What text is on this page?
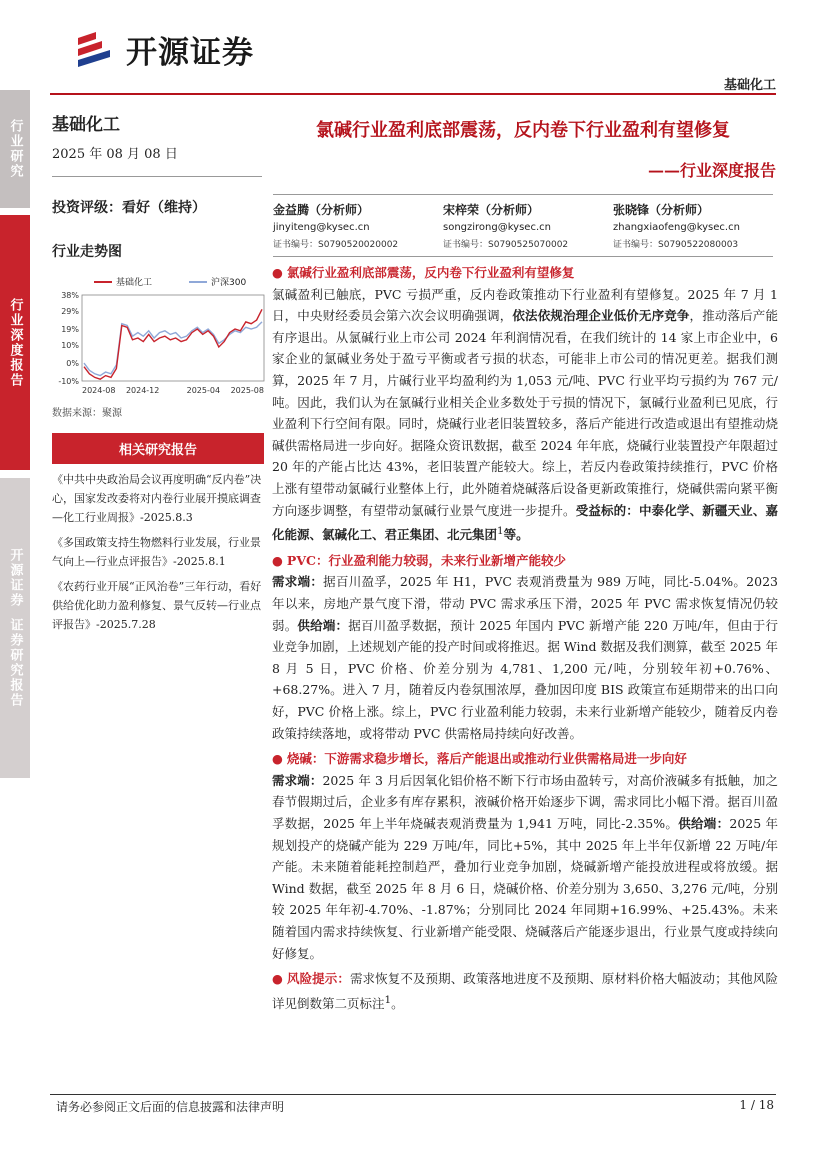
开源证券
基础化工
行业研究
行业深度报告
开源证券
证券研究报告
基础化工
2025 年 08 月 08 日
投资评级：看好（维持）
行业走势图
38%
29%
19%
10%
0%
-10%
2024-08 2024-12	2025-04 2025-08
基础化工	沪深300
数据来源：聚源
相关研究报告
《中共中央政治局会议再度明确“反内卷”决心，国家发改委将对内卷行业展开摸底调查—化工行业周报》-2025.8.3
《多国政策支持生物燃料行业发展，行业景气向上—行业点评报告》-2025.8.1
《农药行业开展“正风治卷”三年行动，看好供给优化助力盈利修复、景气反转—行业点评报告》-2025.7.28
氯碱行业盈利底部震荡，反内卷下行业盈利有望修复
——行业深度报告
金益腾（分析师）
jinyiteng@kysec.cn
证书编号：S0790520020002
宋梓荣（分析师）
songzirong@kysec.cn
证书编号：S0790525070002
张晓锋（分析师）
zhangxiaofeng@kysec.cn
证书编号：S0790522080003
● 氯碱行业盈利底部震荡，反内卷下行业盈利有望修复

氯碱盈利已触底，PVC 亏损严重，反内卷政策推动下行业盈利有望修复。2025 年 7 月 1 日，中央财经委员会第六次会议明确强调，依法依规治理企业低价无序竞争，推动落后产能有序退出。从氯碱行业上市公司 2024 年利润情况看，在我们统计的 14 家上市企业中，6 家企业的氯碱业务处于盈亏平衡或者亏损的状态，可能非上市公司的情况更差。据我们测算，2025 年 7 月，片碱行业平均盈利约为 1,053 元/吨、PVC 行业平均亏损约为 767 元/吨。因此，我们认为在氯碱行业相关企业多数处于亏损的情况下，氯碱行业盈利已见底，行业盈利下行空间有限。同时，烧碱行业老旧装置较多，落后产能进行改造或退出有望推动烧碱供需格局进一步向好。据隆众资讯数据，截至 2024 年年底，烧碱行业装置投产年限超过 20 年的产能占比达 43%，老旧装置产能较大。综上，若反内卷政策持续推行，PVC 价格上涨有望带动氯碱行业整体上行，此外随着烧碱落后设备更新政策推行，烧碱供需向紧平衡方向逐步调整，有望带动氯碱行业景气度进一步提升。受益标的：中泰化学、新疆天业、嘉化能源、氯碱化工、君正集团、北元集团$^1$等。

● PVC：行业盈利能力较弱，未来行业新增产能较少

需求端：据百川盈孚，2025 年 H1，PVC 表观消费量为 989 万吨，同比-5.04%。2023 年以来，房地产景气度下滑，带动 PVC 需求承压下滑，2025 年 PVC 需求恢复情况仍较弱。供给端：据百川盈孚数据，预计 2025 年国内 PVC 新增产能 220 万吨/年，但由于行业竞争加剧，上述规划产能的投产时间或将推迟。据 Wind 数据及我们测算，截至 2025 年 8 月 5 日，PVC 价格、价差分别为 4,781、1,200 元/吨，分别较年初+0.76%、+68.27%。进入 7 月，随着反内卷氛围浓厚，叠加因印度 BIS 政策宣布延期带来的出口向好，PVC 价格上涨。综上，PVC 行业盈利能力较弱，未来行业新增产能较少，随着反内卷政策持续落地，或将带动 PVC 供需格局持续向好改善。

● 烧碱：下游需求稳步增长，落后产能退出或推动行业供需格局进一步向好

需求端：2025 年 3 月后因氧化铝价格不断下行市场由盈转亏，对高价液碱多有抵触，加之春节假期过后，企业多有库存累积，液碱价格开始逐步下调，需求同比小幅下滑。据百川盈孚数据，2025 年上半年烧碱表观消费量为 1,941 万吨，同比-2.35%。供给端：2025 年规划投产的烧碱产能为 229 万吨/年，同比+5%，其中 2025 年上半年仅新增 22 万吨/年产能。未来随着能耗控制趋严，叠加行业竞争加剧，烧碱新增产能投放进程或将放缓。据 Wind 数据，截至 2025 年 8 月 6 日，烧碱价格、价差分别为 3,650、3,276 元/吨，分别较 2025 年年初-4.70%、-1.87%；分别同比 2024 年同期+16.99%、+25.43%。未来随着国内需求持续恢复、行业新增产能受限、烧碱落后产能逐步退出，行业景气度或持续向好修复。

● 风险提示：需求恢复不及预期、政策落地进度不及预期、原材料价格大幅波动；其他风险详见倒数第二页标注$^1$。

请务必参阅正文后面的信息披露和法律声明	1 / 18
